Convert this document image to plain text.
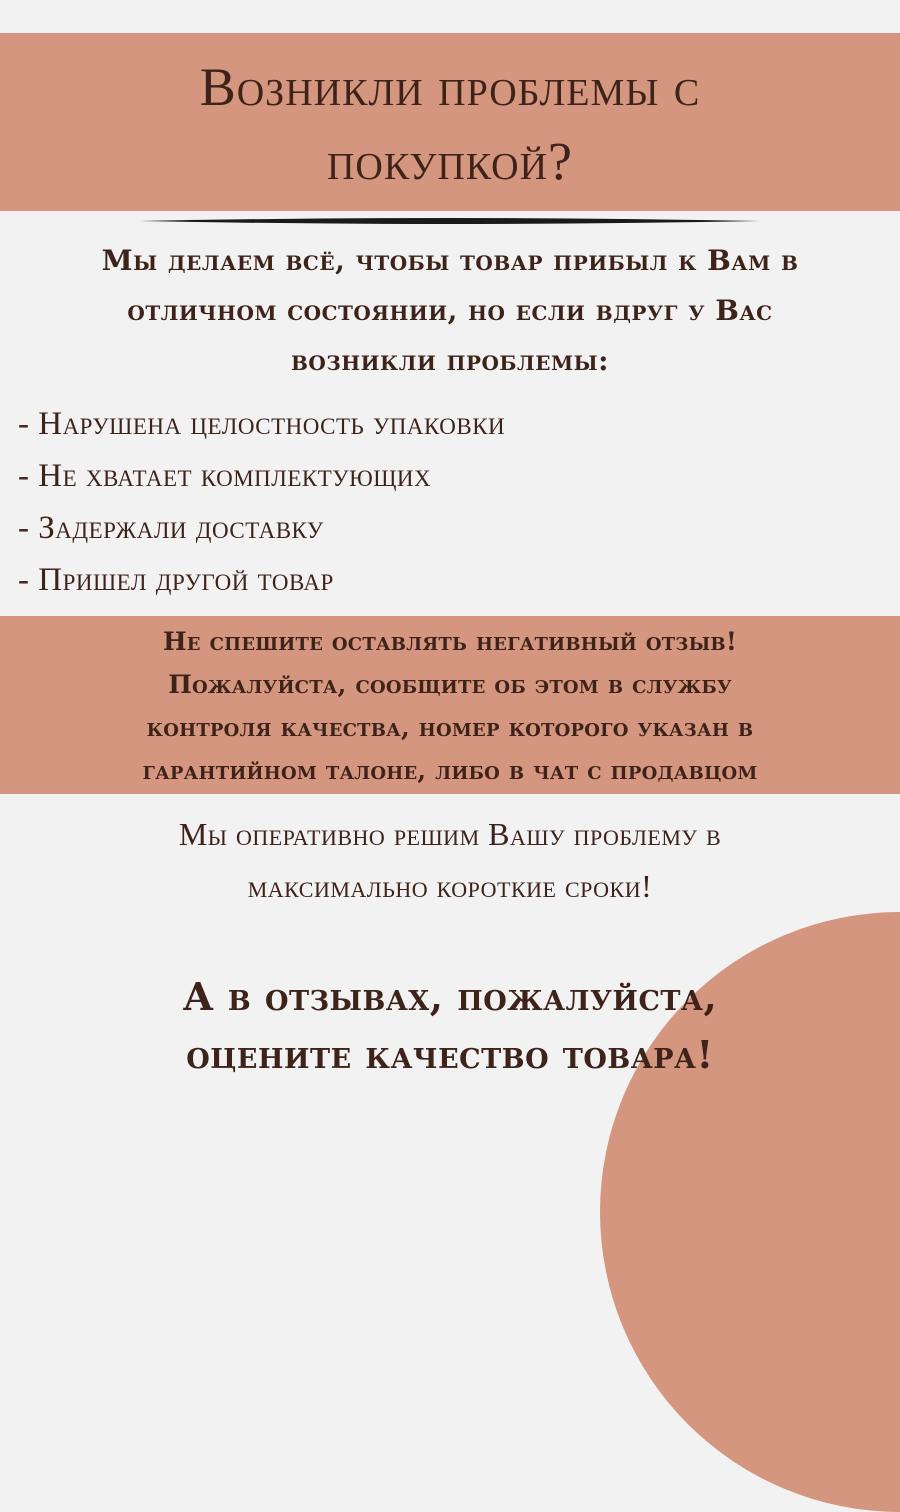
Возникли проблемы с
покупкой?

Мы делаем всё, чтобы товар прибыл к Вам в
отличном состоянии, но если вдруг у Вас
возникли проблемы:

- Нарушена целостность упаковки
- Не хватает комплектующих
- Задержали доставку
- Пришел другой товар

Не спешите оставлять негативный отзыв!
Пожалуйста, сообщите об этом в службу
контроля качества, номер которого указан в
гарантийном талоне, либо в чат с продавцом

Мы оперативно решим Вашу проблему в
максимально короткие сроки!

А в отзывах, пожалуйста,
оцените качество товара!
